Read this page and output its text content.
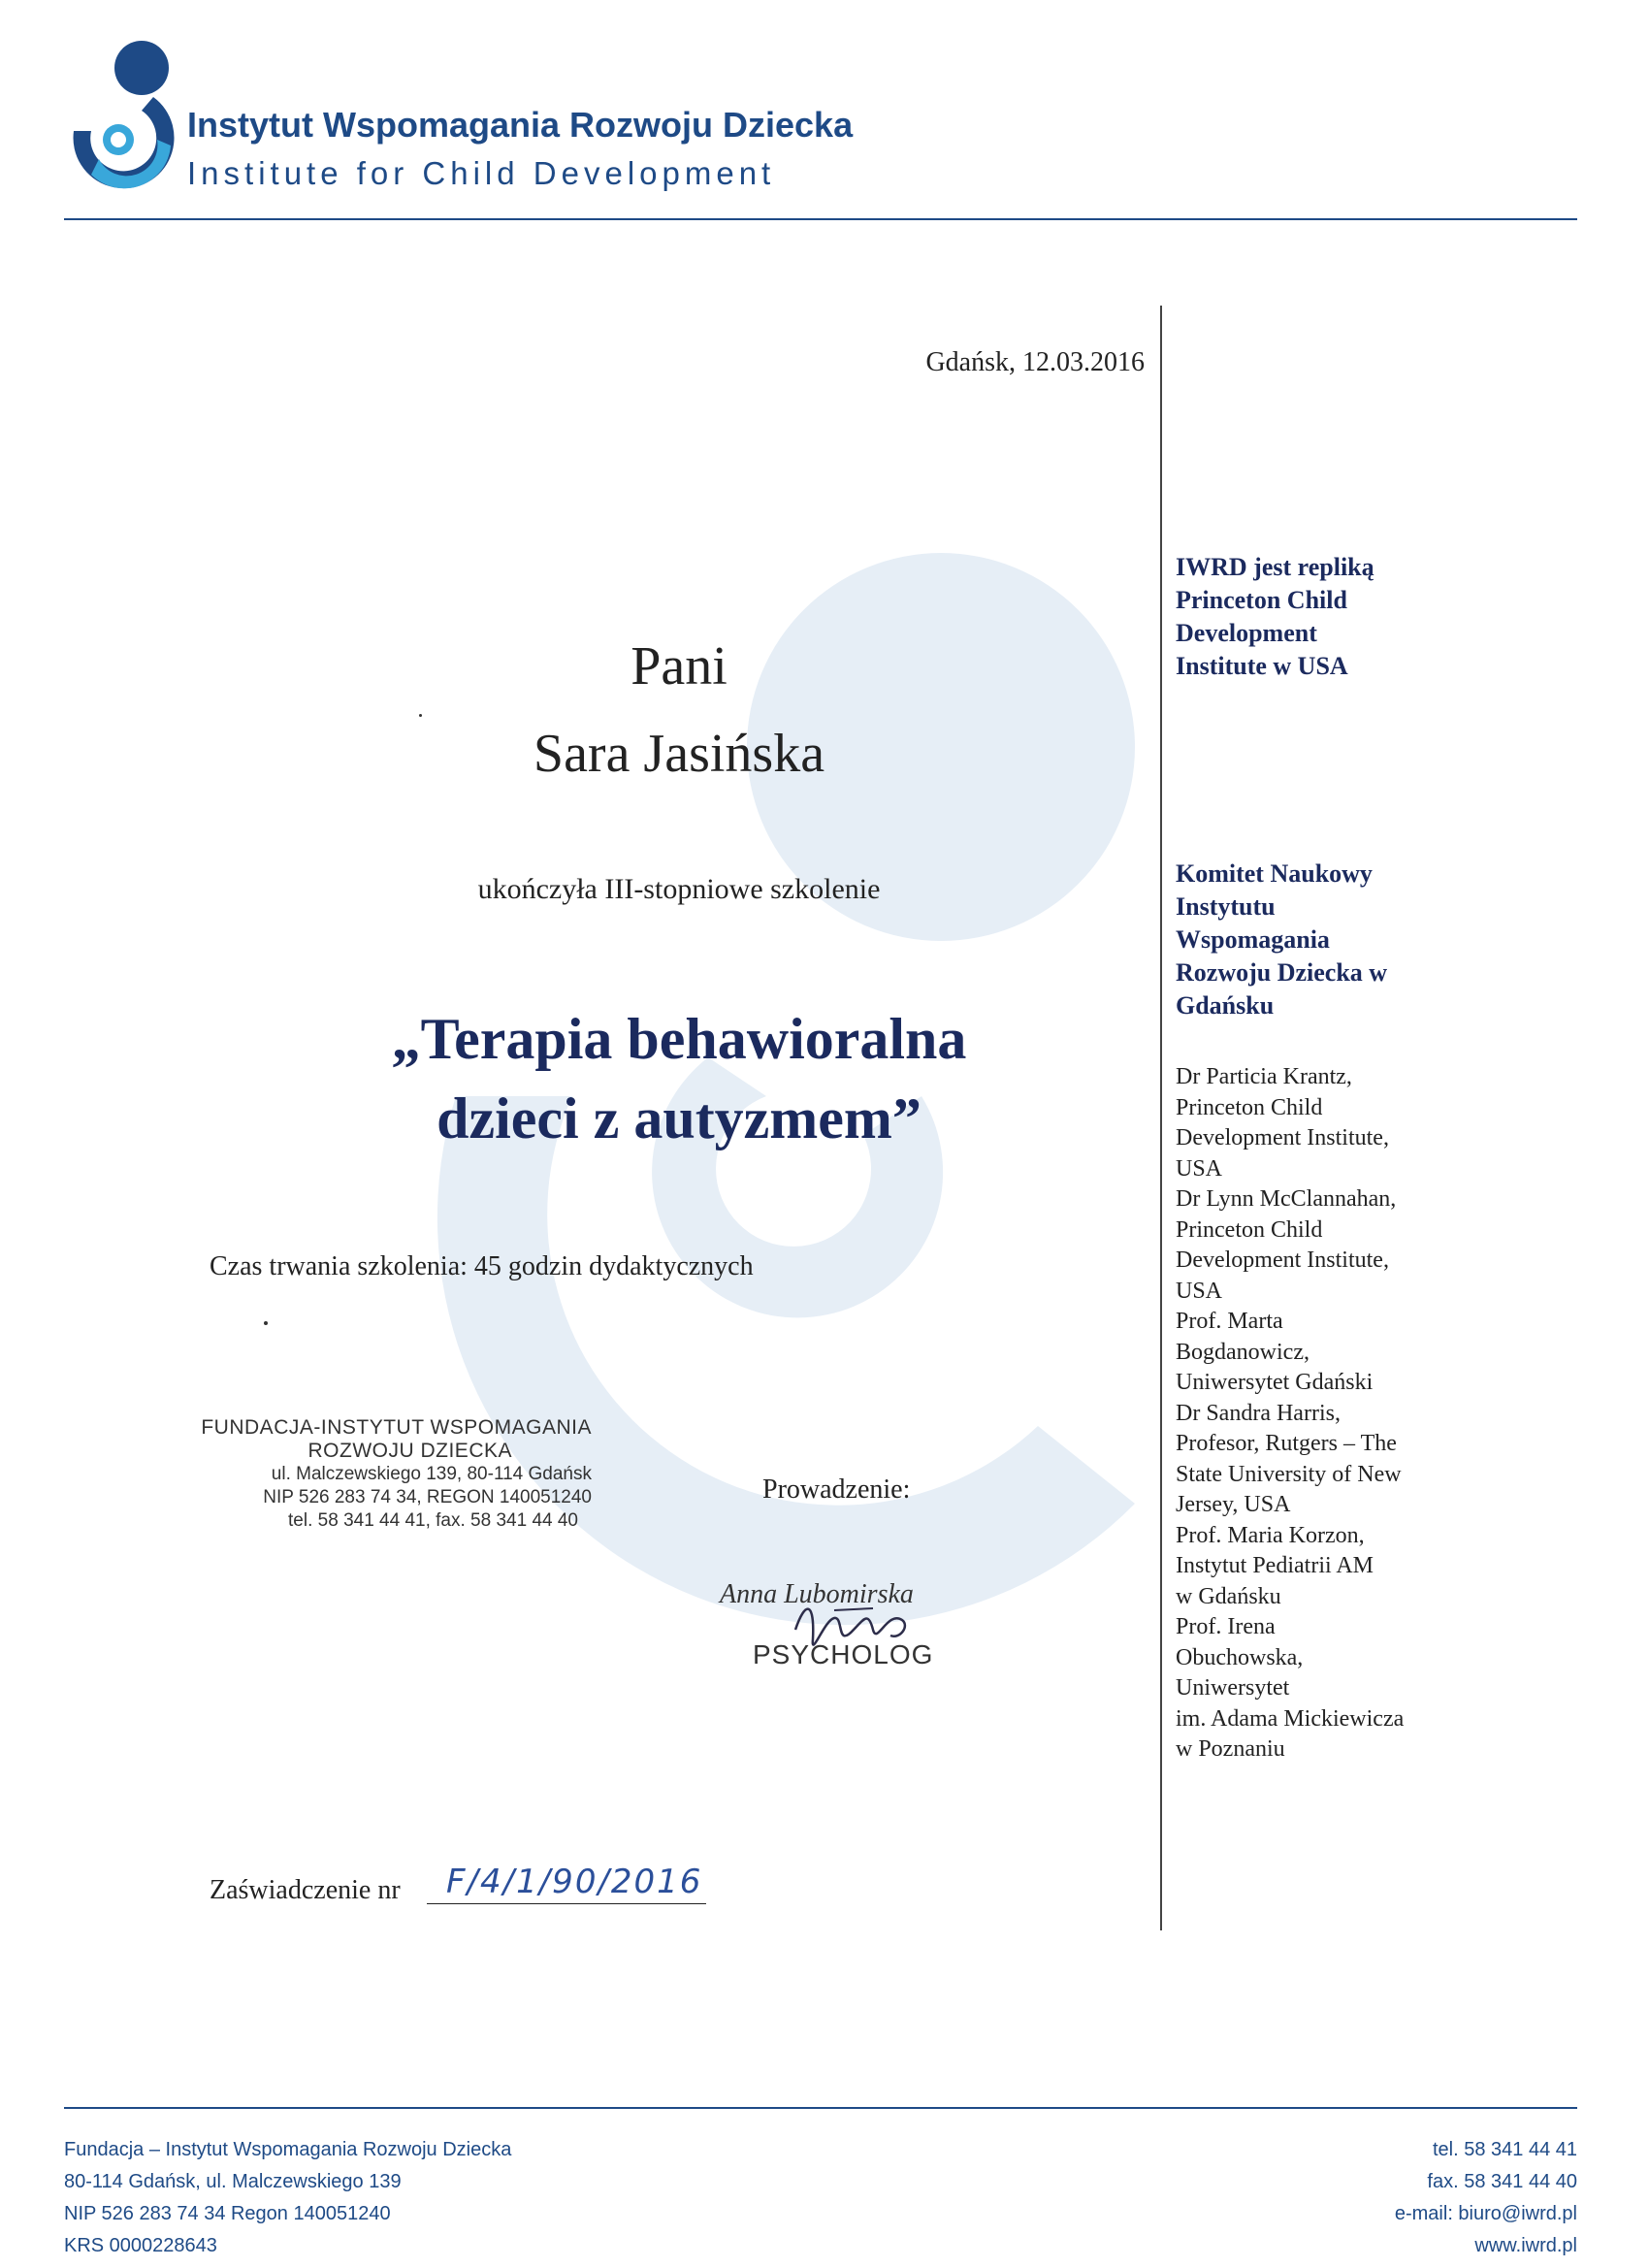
Instytut Wspomagania Rozwoju Dziecka
Institute for Child Development
Gdańsk, 12.03.2016
Pani
Sara Jasińska
ukończyła III-stopniowe szkolenie
„Terapia behawioralna
dzieci z autyzmem”
Czas trwania szkolenia: 45 godzin dydaktycznych
FUNDACJA-INSTYTUT WSPOMAGANIA
ROZWOJU DZIECKA
ul. Malczewskiego 139, 80-114 Gdańsk
NIP 526 283 74 34, REGON 140051240
tel. 58 341 44 41, fax. 58 341 44 40
Prowadzenie:
Anna Lubomirska
PSYCHOLOG
Zaświadczenie nr F/4/1/90/2016
IWRD jest repliką
Princeton Child
Development
Institute w USA
Komitet Naukowy
Instytutu
Wspomagania
Rozwoju Dziecka w
Gdańsku
Dr Particia Krantz,
Princeton Child
Development Institute,
USA
Dr Lynn McClannahan,
Princeton Child
Development Institute,
USA
Prof. Marta
Bogdanowicz,
Uniwersytet Gdański
Dr Sandra Harris,
Profesor, Rutgers – The
State University of New
Jersey, USA
Prof. Maria Korzon,
Instytut Pediatrii AM
w Gdańsku
Prof. Irena
Obuchowska,
Uniwersytet
im. Adama Mickiewicza
w Poznaniu
Fundacja – Instytut Wspomagania Rozwoju Dziecka
80-114 Gdańsk, ul. Malczewskiego 139
NIP 526 283 74 34 Regon 140051240
KRS 0000228643
tel. 58 341 44 41
fax. 58 341 44 40
e-mail: biuro@iwrd.pl
www.iwrd.pl
